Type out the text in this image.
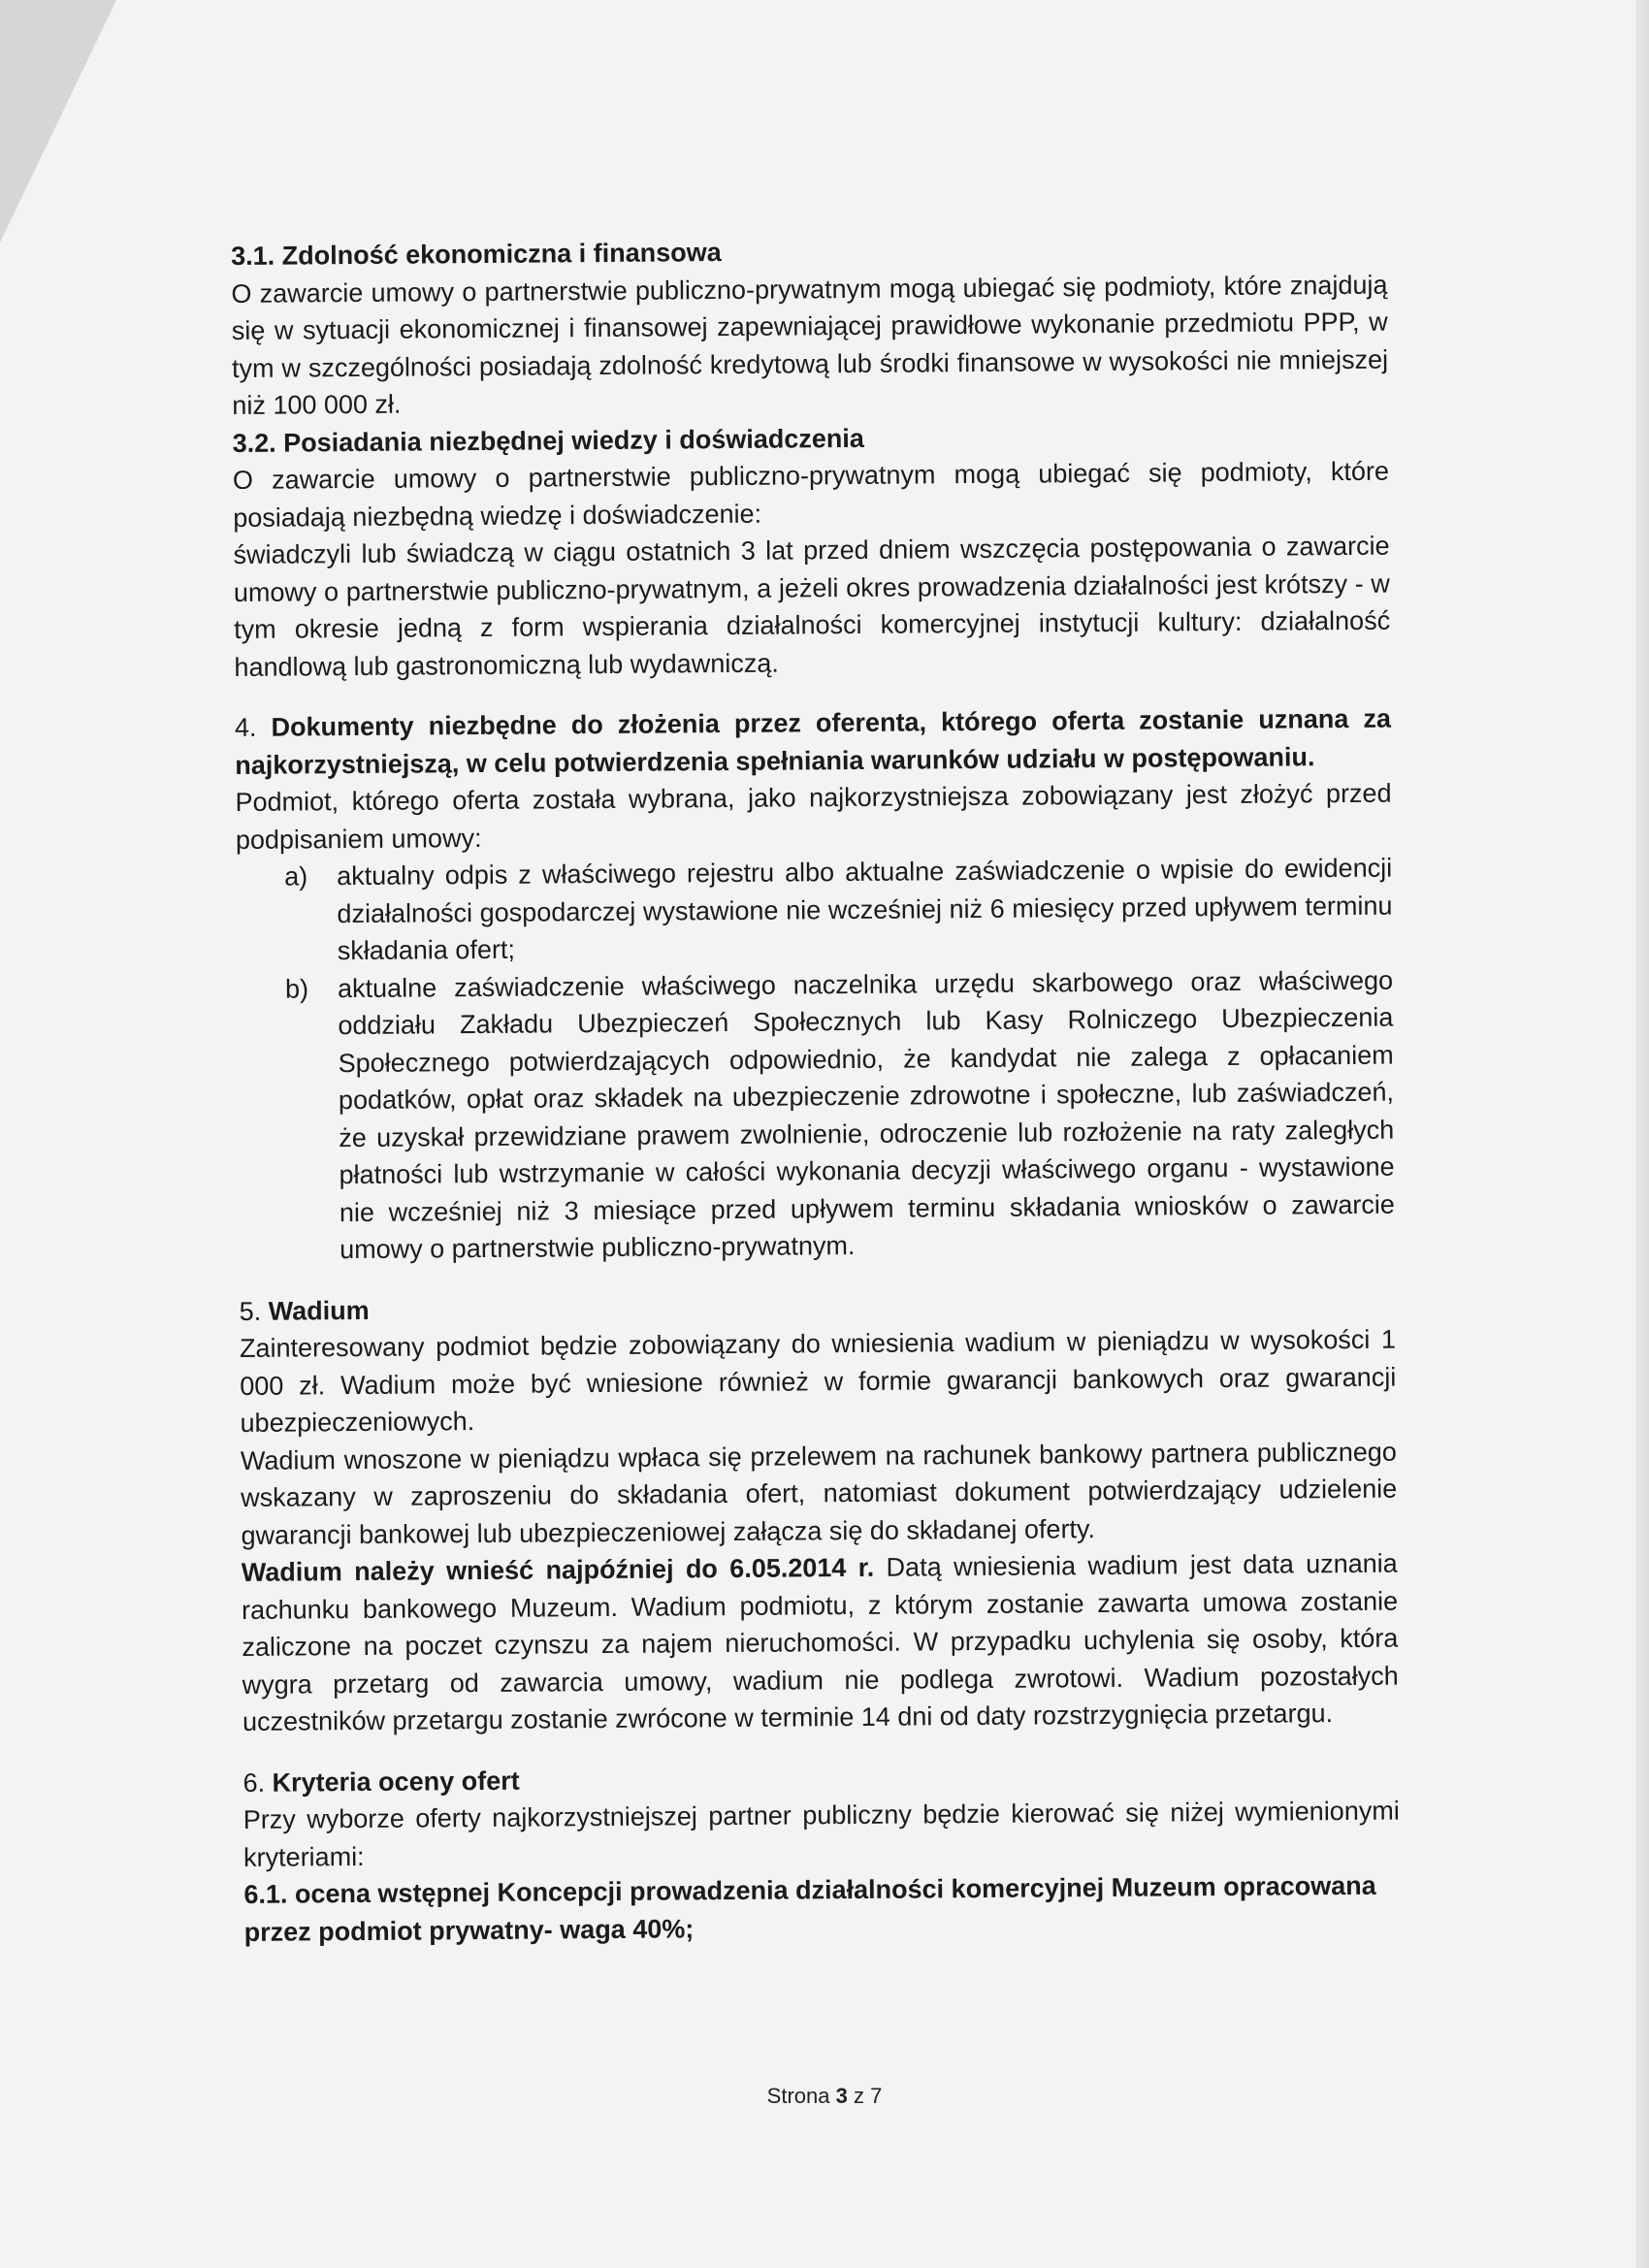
3.1. Zdolność ekonomiczna i finansowa

O zawarcie umowy o partnerstwie publiczno-prywatnym mogą ubiegać się podmioty, które znajdują się w sytuacji ekonomicznej i finansowej zapewniającej prawidłowe wykonanie przedmiotu PPP, w tym w szczególności posiadają zdolność kredytową lub środki finansowe w wysokości nie mniejszej niż 100 000 zł.

3.2. Posiadania niezbędnej wiedzy i doświadczenia

O zawarcie umowy o partnerstwie publiczno-prywatnym mogą ubiegać się podmioty, które posiadają niezbędną wiedzę i doświadczenie:

świadczyli lub świadczą w ciągu ostatnich 3 lat przed dniem wszczęcia postępowania o zawarcie umowy o partnerstwie publiczno-prywatnym, a jeżeli okres prowadzenia działalności jest krótszy - w tym okresie jedną z form wspierania działalności komercyjnej instytucji kultury: działalność handlową lub gastronomiczną lub wydawniczą.

4. Dokumenty niezbędne do złożenia przez oferenta, którego oferta zostanie uznana za najkorzystniejszą, w celu potwierdzenia spełniania warunków udziału w postępowaniu.

Podmiot, którego oferta została wybrana, jako najkorzystniejsza zobowiązany jest złożyć przed podpisaniem umowy:

a) aktualny odpis z właściwego rejestru albo aktualne zaświadczenie o wpisie do ewidencji działalności gospodarczej wystawione nie wcześniej niż 6 miesięcy przed upływem terminu składania ofert;
b) aktualne zaświadczenie właściwego naczelnika urzędu skarbowego oraz właściwego oddziału Zakładu Ubezpieczeń Społecznych lub Kasy Rolniczego Ubezpieczenia Społecznego potwierdzających odpowiednio, że kandydat nie zalega z opłacaniem podatków, opłat oraz składek na ubezpieczenie zdrowotne i społeczne, lub zaświadczeń, że uzyskał przewidziane prawem zwolnienie, odroczenie lub rozłożenie na raty zaległych płatności lub wstrzymanie w całości wykonania decyzji właściwego organu - wystawione nie wcześniej niż 3 miesiące przed upływem terminu składania wniosków o zawarcie umowy o partnerstwie publiczno-prywatnym.

5. Wadium

Zainteresowany podmiot będzie zobowiązany do wniesienia wadium w pieniądzu w wysokości 1 000 zł. Wadium może być wniesione również w formie gwarancji bankowych oraz gwarancji ubezpieczeniowych.

Wadium wnoszone w pieniądzu wpłaca się przelewem na rachunek bankowy partnera publicznego wskazany w zaproszeniu do składania ofert, natomiast dokument potwierdzający udzielenie gwarancji bankowej lub ubezpieczeniowej załącza się do składanej oferty.

Wadium należy wnieść najpóźniej do 6.05.2014 r. Datą wniesienia wadium jest data uznania rachunku bankowego Muzeum. Wadium podmiotu, z którym zostanie zawarta umowa zostanie zaliczone na poczet czynszu za najem nieruchomości. W przypadku uchylenia się osoby, która wygra przetarg od zawarcia umowy, wadium nie podlega zwrotowi. Wadium pozostałych uczestników przetargu zostanie zwrócone w terminie 14 dni od daty rozstrzygnięcia przetargu.

6. Kryteria oceny ofert

Przy wyborze oferty najkorzystniejszej partner publiczny będzie kierować się niżej wymienionymi kryteriami:

6.1. ocena wstępnej Koncepcji prowadzenia działalności komercyjnej Muzeum opracowana przez podmiot prywatny- waga 40%;

Strona 3 z 7
